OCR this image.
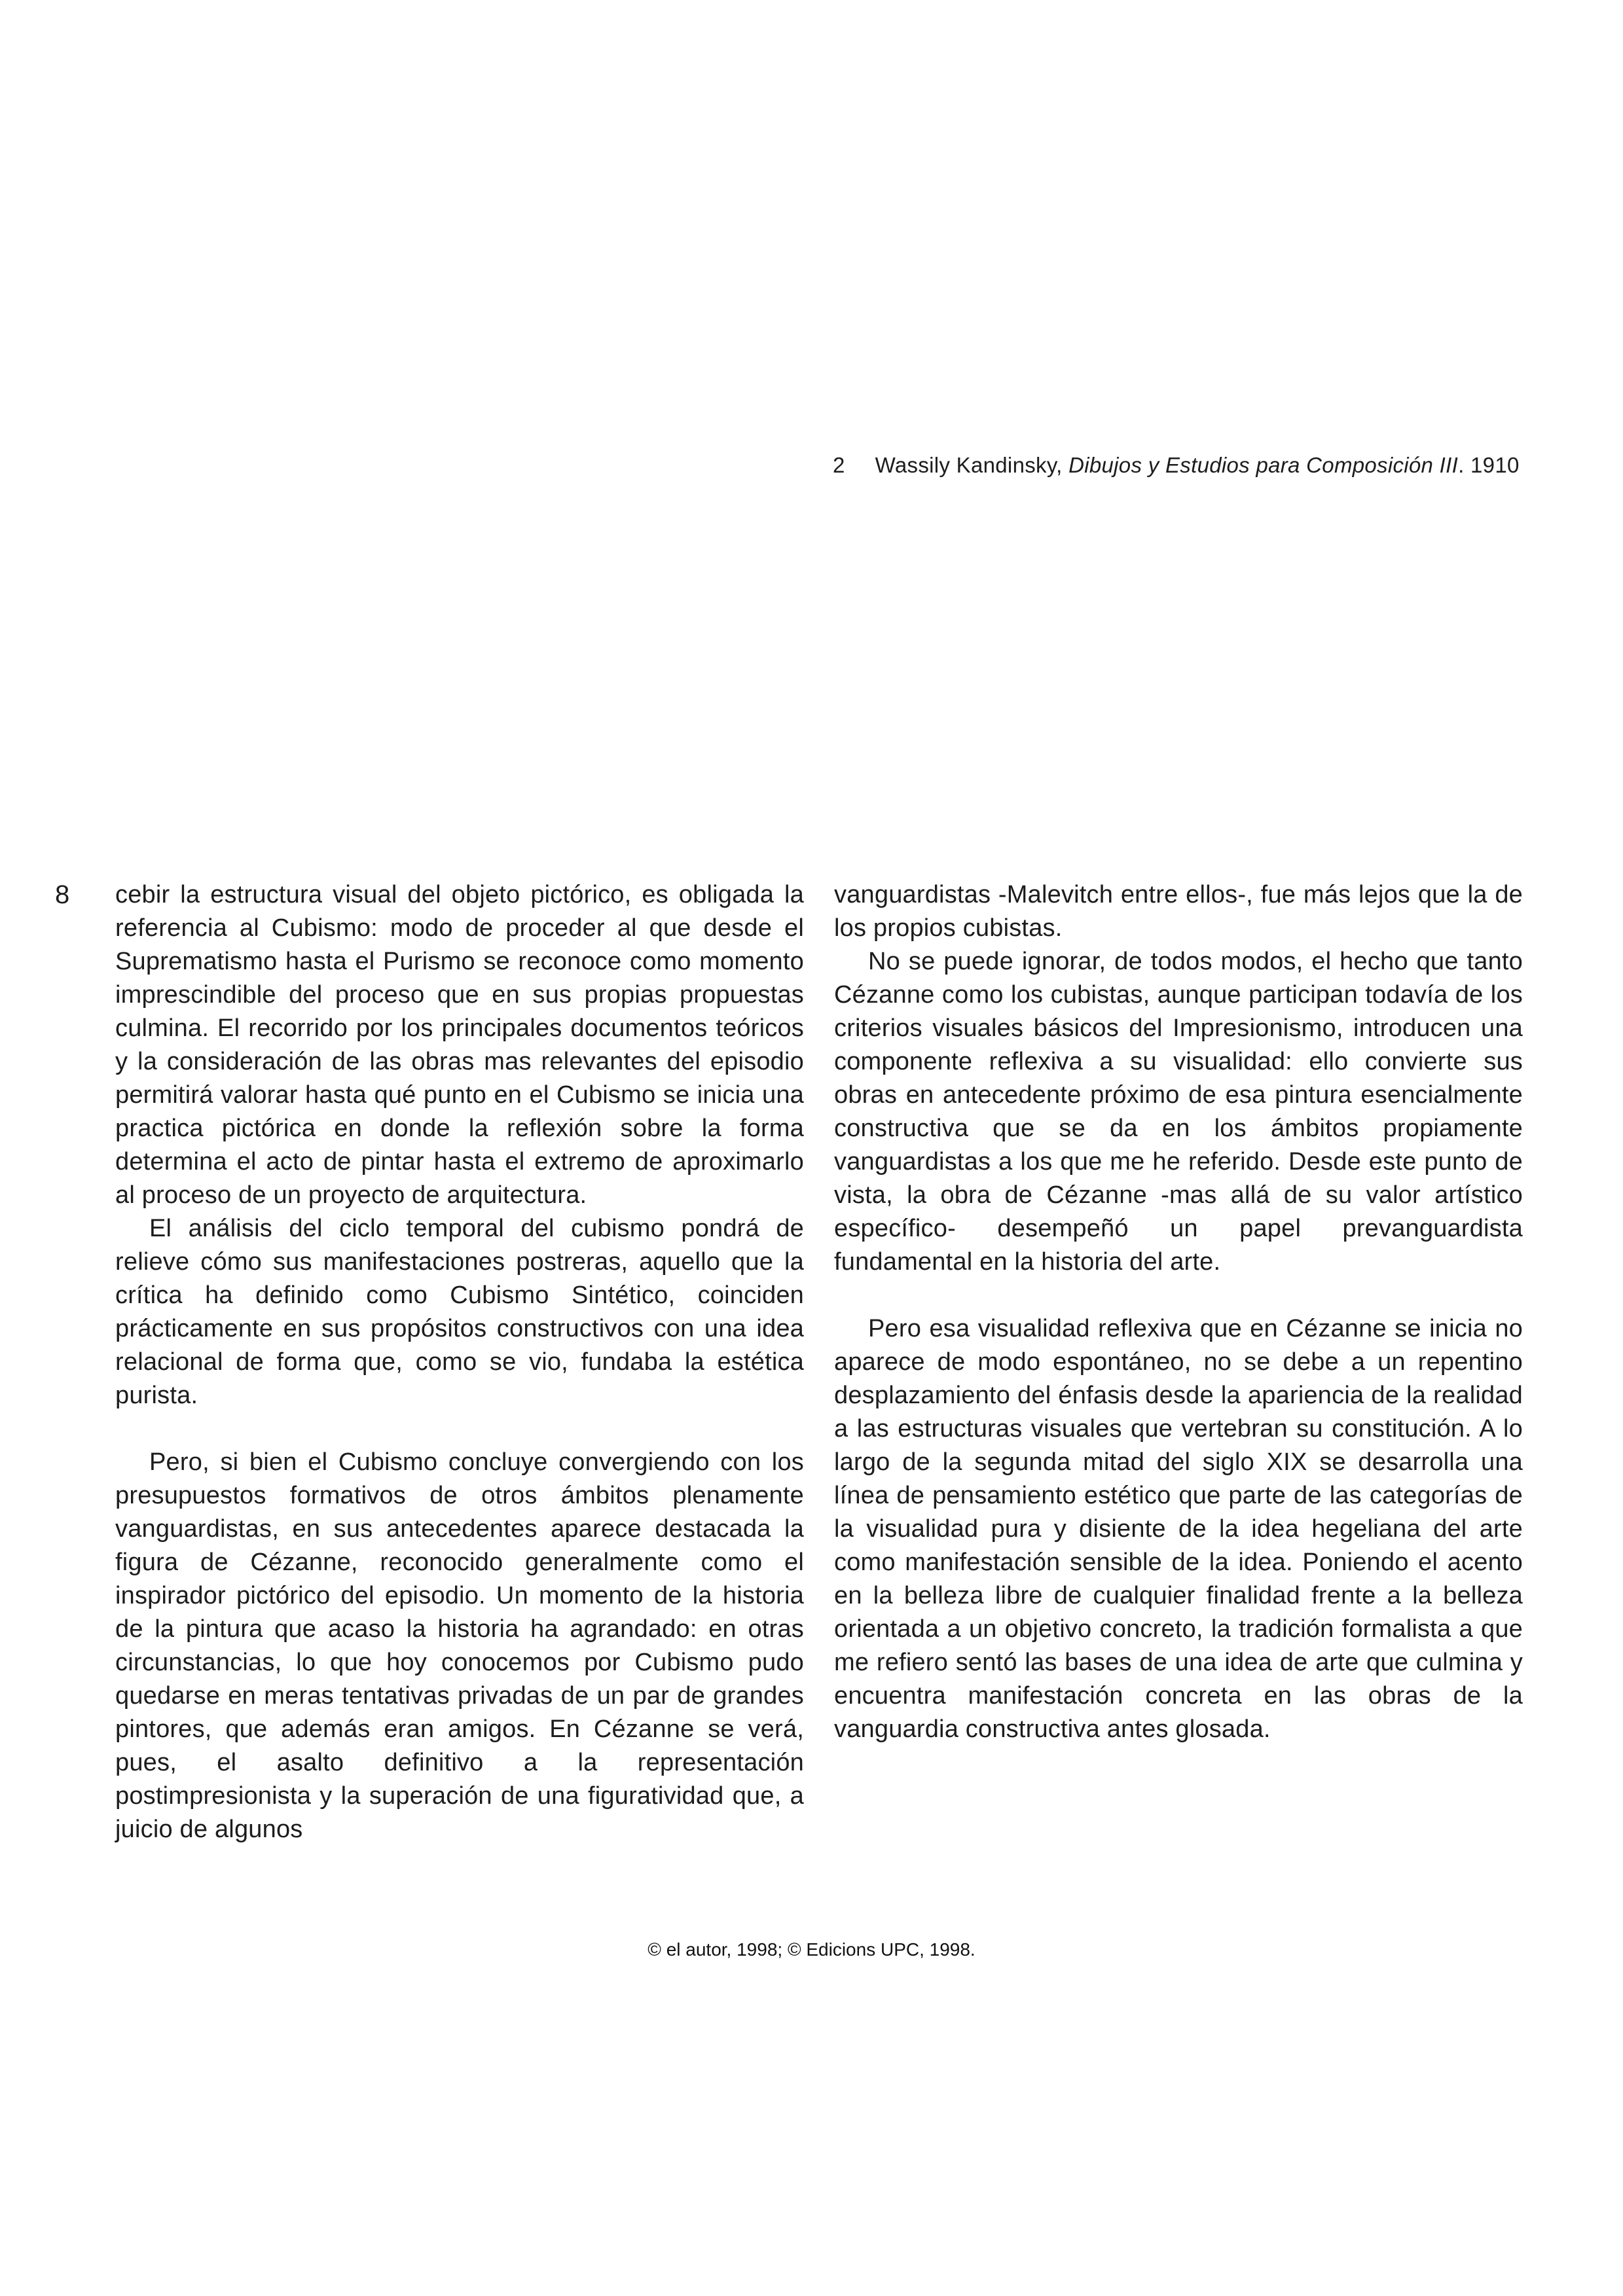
2 Wassily Kandinsky, Dibujos y Estudios para Composición III. 1910
8 cebir la estructura visual del objeto pictórico, es obligada la referencia al Cubismo: modo de proceder al que desde el Suprematismo hasta el Purismo se reconoce como momento imprescindible del proceso que en sus propias propuestas culmina. El recorrido por los principales documentos teóricos y la consideración de las obras mas relevantes del episodio permitirá valorar hasta qué punto en el Cubismo se inicia una practica pictórica en donde la reflexión sobre la forma determina el acto de pintar hasta el extremo de aproximarlo al proceso de un proyecto de arquitectura.

El análisis del ciclo temporal del cubismo pondrá de relieve cómo sus manifestaciones postreras, aquello que la crítica ha definido como Cubismo Sintético, coinciden prácticamente en sus propósitos constructivos con una idea relacional de forma que, como se vio, fundaba la estética purista.

Pero, si bien el Cubismo concluye convergiendo con los presupuestos formativos de otros ámbitos plenamente vanguardistas, en sus antecedentes aparece destacada la figura de Cézanne, reconocido generalmente como el inspirador pictórico del episodio. Un momento de la historia de la pintura que acaso la historia ha agrandado: en otras circunstancias, lo que hoy conocemos por Cubismo pudo quedarse en meras tentativas privadas de un par de grandes pintores, que además eran amigos. En Cézanne se verá, pues, el asalto definitivo a la representación postimpresionista y la superación de una figuratividad que, a juicio de algunos

vanguardistas -Malevitch entre ellos-, fue más lejos que la de los propios cubistas.

No se puede ignorar, de todos modos, el hecho que tanto Cézanne como los cubistas, aunque participan todavía de los criterios visuales básicos del Impresionismo, introducen una componente reflexiva a su visualidad: ello convierte sus obras en antecedente próximo de esa pintura esencialmente constructiva que se da en los ámbitos propiamente vanguardistas a los que me he referido. Desde este punto de vista, la obra de Cézanne -mas allá de su valor artístico específico- desempeñó un papel prevanguardista fundamental en la historia del arte.

Pero esa visualidad reflexiva que en Cézanne se inicia no aparece de modo espontáneo, no se debe a un repentino desplazamiento del énfasis desde la apariencia de la realidad a las estructuras visuales que vertebran su constitución. A lo largo de la segunda mitad del siglo XIX se desarrolla una línea de pensamiento estético que parte de las categorías de la visualidad pura y disiente de la idea hegeliana del arte como manifestación sensible de la idea. Poniendo el acento en la belleza libre de cualquier finalidad frente a la belleza orientada a un objetivo concreto, la tradición formalista a que me refiero sentó las bases de una idea de arte que culmina y encuentra manifestación concreta en las obras de la vanguardia constructiva antes glosada.

© el autor, 1998; © Edicions UPC, 1998.
